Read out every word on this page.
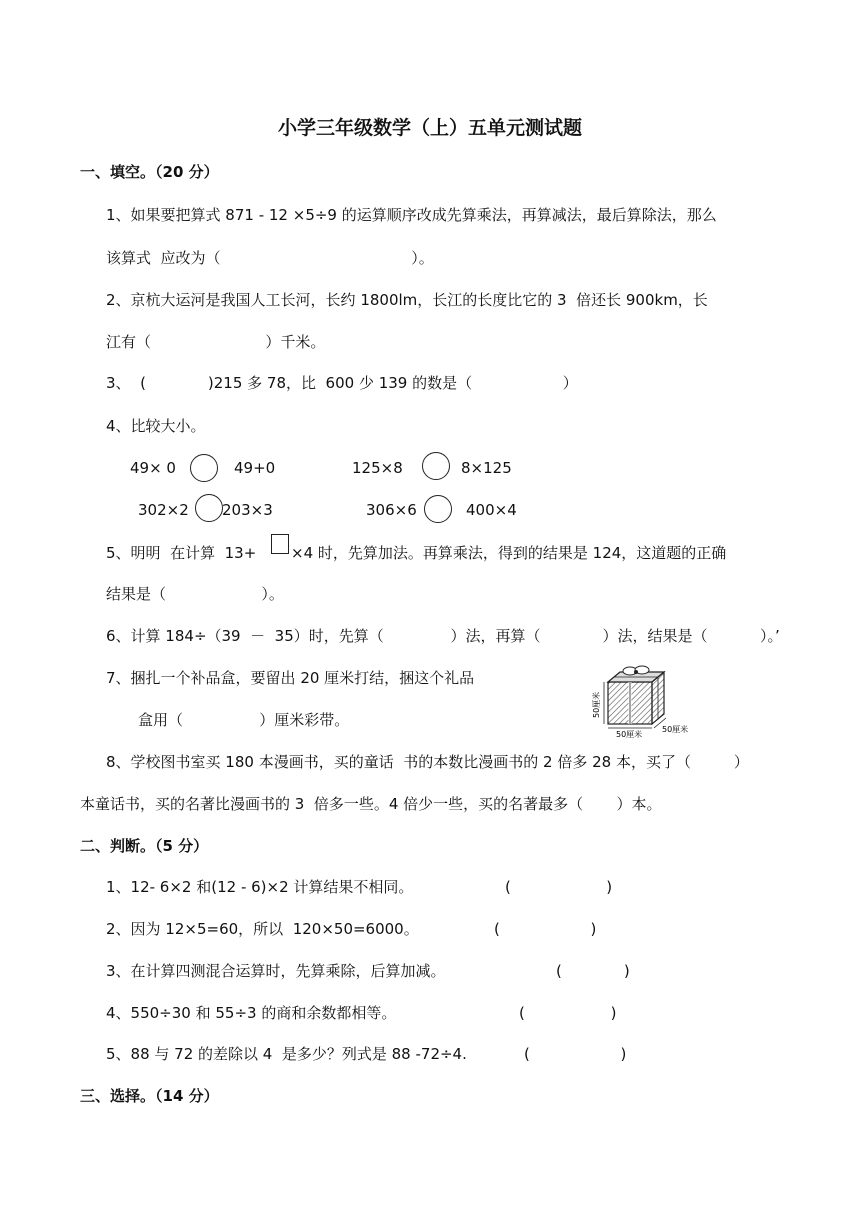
小学三年级数学（上）五单元测试题
一、填空。（20 分）
1、如果要把算式 871 - 12 ×5÷9 的运算顺序改成先算乘法，再算减法，最后算除法，那么
该算式  应改为（                                        ）。
2、京杭大运河是我国人工长河，长约 1800lm，长江的长度比它的 3  倍还长 900km，长
江有（                        ）千米。
3、  (             )215 多 78，比  600 少 139 的数是（                   ）
4、比较大小。
49× 0	49+0	125×8	8×125
302×2 203×3	306×6	400×4
5、明明  在计算  13+ ×4 时，先算加法。再算乘法，得到的结果是 124，这道题的正确
结果是（                    ）。
6、计算 184÷（39  －  35）时，先算（              ）法，再算（             ）法，结果是（           ）。’
7、捆扎一个补品盒，要留出 20 厘米打结，捆这个礼品
盒用（                ）厘米彩带。
50厘米
50厘米
50厘米
8、学校图书室买 180 本漫画书，买的童话  书的本数比漫画书的 2 倍多 28 本，买了（         ）
本童话书，买的名著比漫画书的 3  倍多一些。4 倍少一些，买的名著最多（       ）本。
二、判断。（5 分）
1、12- 6×2 和(12 - 6)×2 计算结果不相同。	(                    )
2、因为 12×5=60，所以  120×50=6000。	(                   )
3、在计算四测混合运算时，先算乘除，后算加减。	(             )
4、550÷30 和 55÷3 的商和余数都相等。	(                  )
5、88 与 72 的差除以 4  是多少？列式是 88 -72÷4.	(                   )
三、选择。（14 分）
